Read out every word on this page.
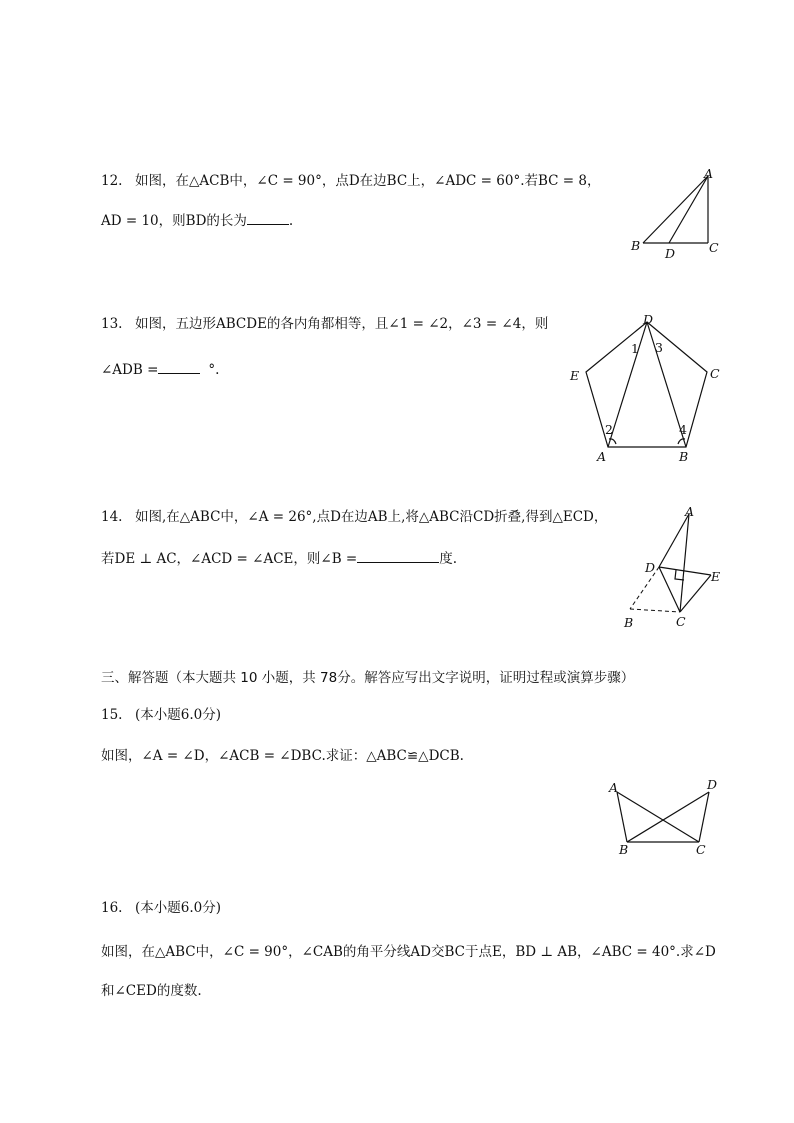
12. 如图，在△ACB中，∠C = 90°，点D在边BC上，∠ADC = 60°.若BC = 8，
AD = 10，则BD的长为	.
A
B	C
D
13. 如图，五边形ABCDE的各内角都相等，且∠1 = ∠2，∠3 = ∠4，则
∠ADB =	°.
D
C
E
A	B
1 3
2	4
14. 如图,在△ABC中，∠A = 26°,点D在边AB上,将△ABC沿CD折叠,得到△ECD，
若DE ⊥ AC，∠ACD = ∠ACE，则∠B =	度.
A
D
E
B	C
三、解答题（本大题共 10 小题，共 78分。解答应写出文字说明，证明过程或演算步骤）
15. (本小题6.0分)
如图，∠A = ∠D，∠ACB = ∠DBC.求证：△ABC≌△DCB.
A	D
B	C
16. (本小题6.0分)
如图，在△ABC中，∠C = 90°，∠CAB的角平分线AD交BC于点E，BD ⊥ AB，∠ABC = 40°.求∠D
和∠CED的度数.
